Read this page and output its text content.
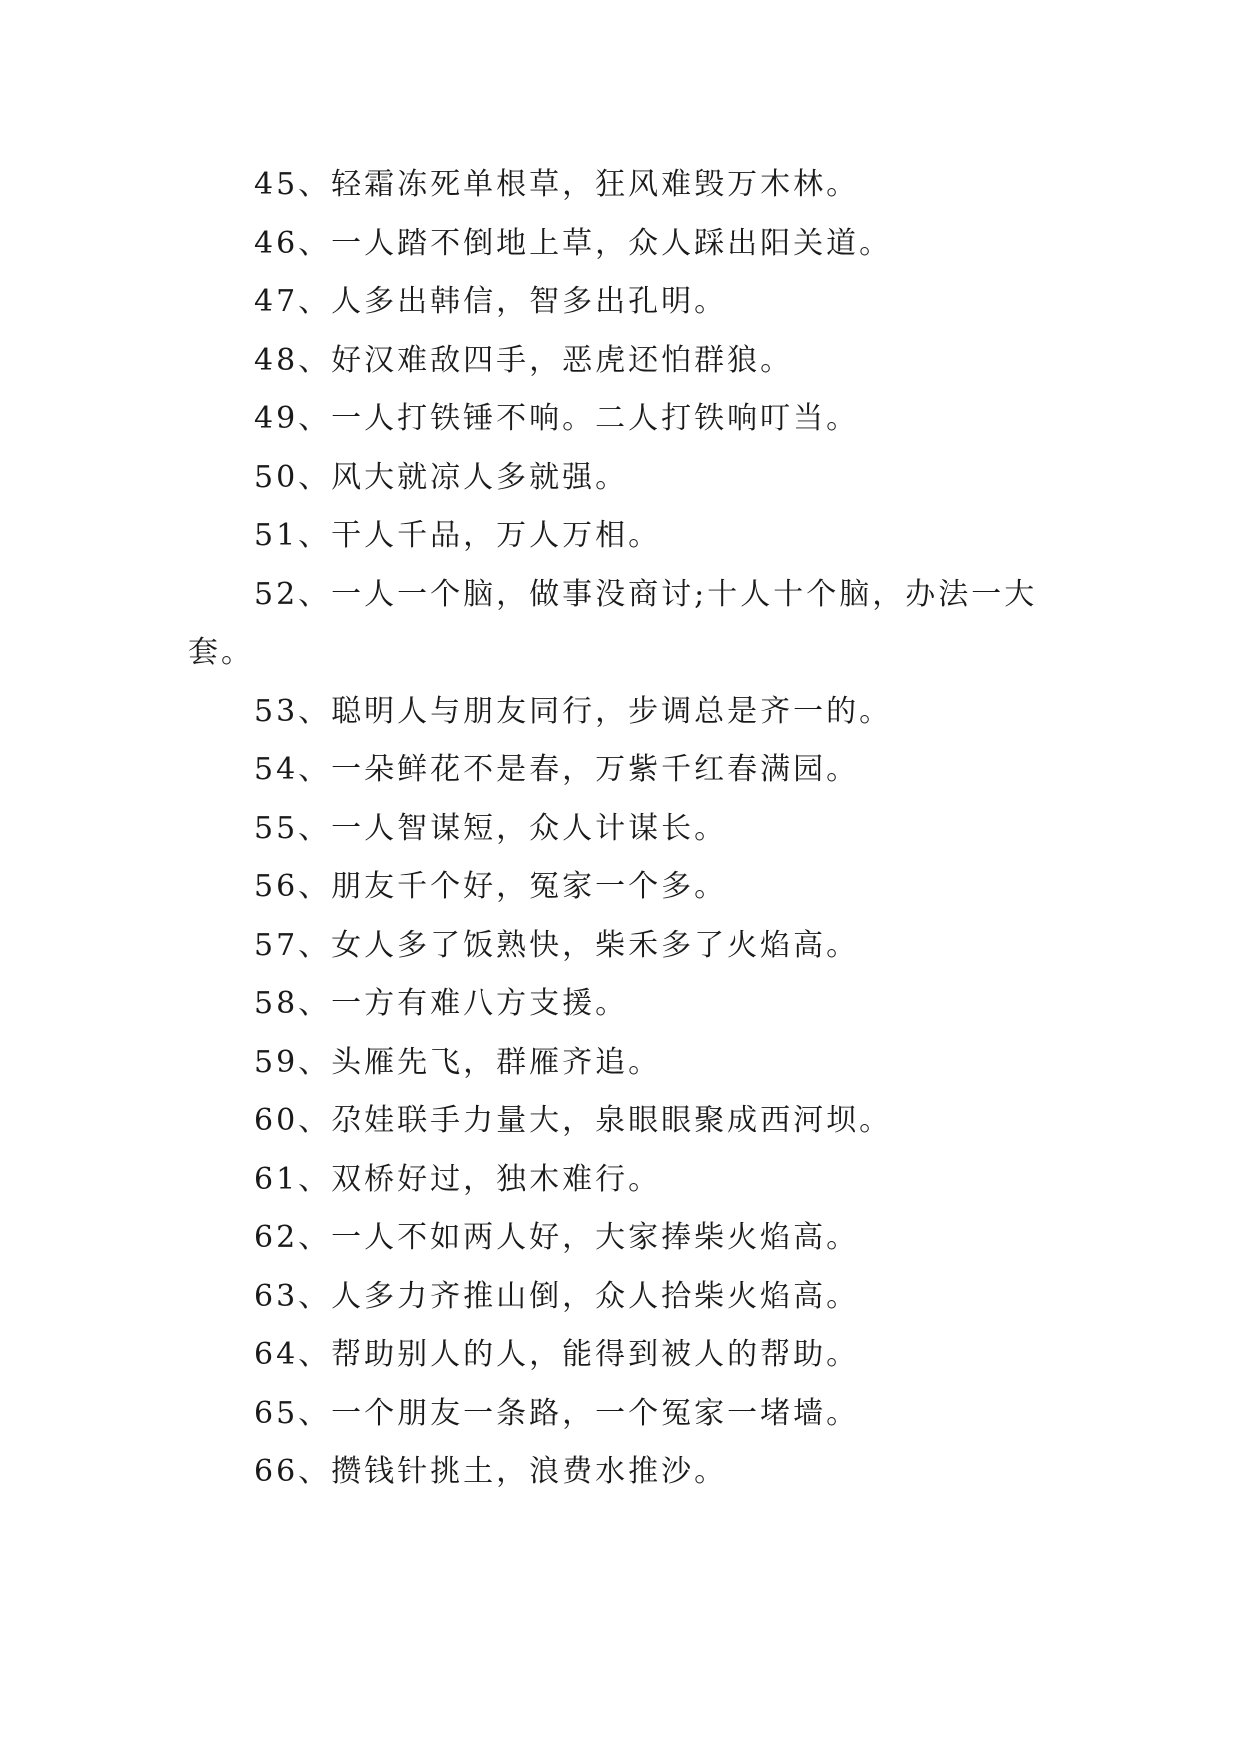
45、轻霜冻死单根草，狂风难毁万木林。

46、一人踏不倒地上草，众人踩出阳关道。

47、人多出韩信，智多出孔明。

48、好汉难敌四手，恶虎还怕群狼。

49、一人打铁锤不响。二人打铁响叮当。

50、风大就凉人多就强。

51、干人千品，万人万相。

52、一人一个脑，做事没商讨;十人十个脑，办法一大套。

53、聪明人与朋友同行，步调总是齐一的。

54、一朵鲜花不是春，万紫千红春满园。

55、一人智谋短，众人计谋长。

56、朋友千个好，冤家一个多。

57、女人多了饭熟快，柴禾多了火焰高。

58、一方有难八方支援。

59、头雁先飞，群雁齐追。

60、尕娃联手力量大，泉眼眼聚成西河坝。

61、双桥好过，独木难行。

62、一人不如两人好，大家捧柴火焰高。

63、人多力齐推山倒，众人拾柴火焰高。

64、帮助别人的人，能得到被人的帮助。

65、一个朋友一条路，一个冤家一堵墙。

66、攒钱针挑土，浪费水推沙。
